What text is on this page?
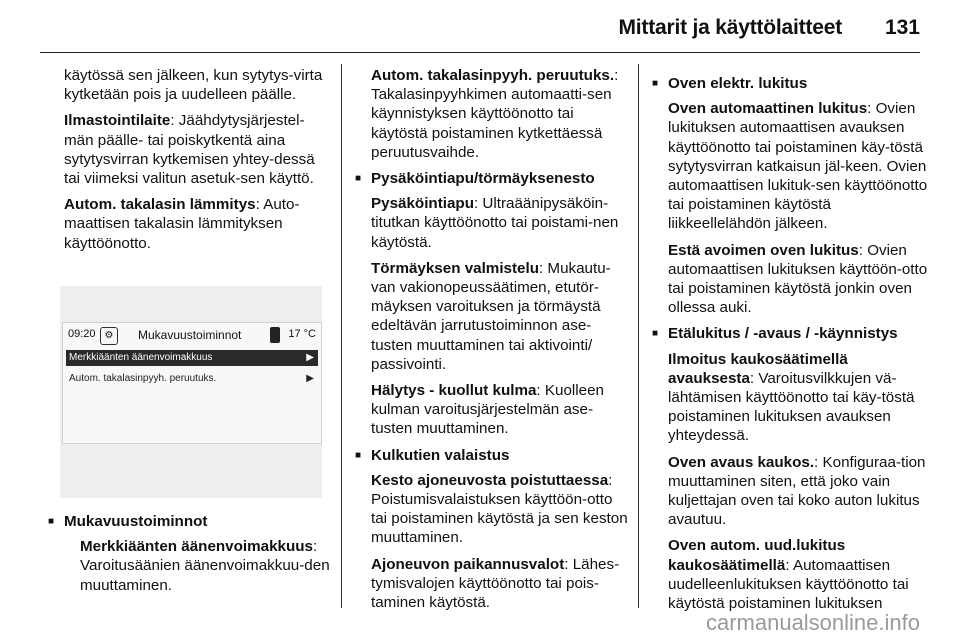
Mittarit ja käyttölaitteet 131

käytössä sen jälkeen, kun sytytys-virta kytketään pois ja uudelleen päälle.

Ilmastointilaite: Jäähdytysjärjestel-män päälle- tai poiskytkentä aina sytytysvirran kytkemisen yhtey-dessä tai viimeksi valitun asetuk-sen käyttö.

Autom. takalasin lämmitys: Auto-maattisen takalasin lämmityksen käyttöönotto.

09:20 ⚙	Mukavuustoiminnot	17 °C
Merkkiäänten äänenvoimakkuus	▶
Autom. takalasinpyyh. peruutuks.	▶
■ Mukavuustoiminnot

Merkkiäänten äänenvoimakkuus: Varoitusäänien äänenvoimakkuu-den muuttaminen.

Autom. takalasinpyyh. peruutuks.: Takalasinpyyhkimen automaatti-sen käynnistyksen käyttöönotto tai käytöstä poistaminen kytkettäessä peruutusvaihde.

■ Pysäköintiapu/törmäyksenesto

Pysäköintiapu: Ultraäänipysäköin-titutkan käyttöönotto tai poistami-nen käytöstä.

Törmäyksen valmistelu: Mukautu-van vakionopeussäätimen, etutör-mäyksen varoituksen ja törmäystä edeltävän jarrutustoiminnon ase-tusten muuttaminen tai aktivointi/ passivointi.

Hälytys - kuollut kulma: Kuolleen kulman varoitusjärjestelmän ase-tusten muuttaminen.

■ Kulkutien valaistus

Kesto ajoneuvosta poistuttaessa: Poistumisvalaistuksen käyttöön-otto tai poistaminen käytöstä ja sen keston muuttaminen.

Ajoneuvon paikannusvalot: Lähes-tymisvalojen käyttöönotto tai pois-taminen käytöstä.

■ Oven elektr. lukitus

Oven automaattinen lukitus: Ovien lukituksen automaattisen avauksen käyttöönotto tai poistaminen käy-töstä sytytysvirran katkaisun jäl-keen. Ovien automaattisen lukituk-sen käyttöönotto tai poistaminen käytöstä liikkeellelähdön jälkeen.

Estä avoimen oven lukitus: Ovien automaattisen lukituksen käyttöön-otto tai poistaminen käytöstä jonkin oven ollessa auki.

■ Etälukitus / -avaus / -käynnistys

Ilmoitus kaukosäätimellä avauksesta: Varoitusvilkkujen vä-lähtämisen käyttöönotto tai käy-töstä poistaminen lukituksen avauksen yhteydessä.

Oven avaus kaukos.: Konfiguraa-tion muuttaminen siten, että joko vain kuljettajan oven tai koko auton lukitus avautuu.

Oven autom. uud.lukitus kaukosäätimellä: Automaattisen uudelleenlukituksen käyttöönotto tai käytöstä poistaminen lukituksen

carmanualsonline.info
